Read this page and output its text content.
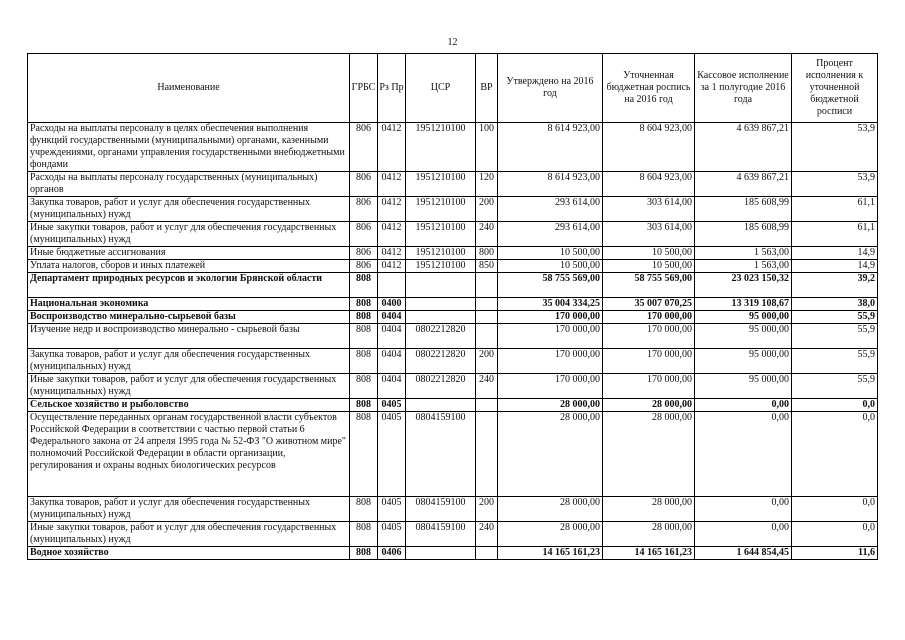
12
Наименование	ГРБС	Рз Пр	ЦСР	ВР	Утверждено на 2016 год	Уточненная бюджетная роспись на 2016 год	Кассовое исполнение за 1 полугодие 2016 года	Процент исполнения к уточненной бюджетной росписи
Расходы на выплаты персоналу в целях обеспечения выполнения функций государственными (муниципальными) органами, казенными учреждениями, органами управления государственными внебюджетными фондами	806	0412	1951210100	100	8 614 923,00	8 604 923,00	4 639 867,21	53,9
Расходы на выплаты персоналу государственных (муниципальных) органов	806	0412	1951210100	120	8 614 923,00	8 604 923,00	4 639 867,21	53,9
Закупка товаров, работ и услуг для обеспечения государственных (муниципальных) нужд	806	0412	1951210100	200	293 614,00	303 614,00	185 608,99	61,1
Иные закупки товаров, работ и услуг для обеспечения государственных (муниципальных) нужд	806	0412	1951210100	240	293 614,00	303 614,00	185 608,99	61,1
Иные бюджетные ассигнования	806	0412	1951210100	800	10 500,00	10 500,00	1 563,00	14,9
Уплата налогов, сборов и иных платежей	806	0412	1951210100	850	10 500,00	10 500,00	1 563,00	14,9
Департамент природных ресурсов и экологии Брянской области	808				58 755 569,00	58 755 569,00	23 023 150,32	39,2
Национальная экономика	808	0400			35 004 334,25	35 007 070,25	13 319 108,67	38,0
Воспроизводство минерально-сырьевой базы	808	0404			170 000,00	170 000,00	95 000,00	55,9
Изучение недр и воспроизводство минерально - сырьевой базы	808	0404	0802212820		170 000,00	170 000,00	95 000,00	55,9
Закупка товаров, работ и услуг для обеспечения государственных (муниципальных) нужд	808	0404	0802212820	200	170 000,00	170 000,00	95 000,00	55,9
Иные закупки товаров, работ и услуг для обеспечения государственных (муниципальных) нужд	808	0404	0802212820	240	170 000,00	170 000,00	95 000,00	55,9
Сельское хозяйство и рыболовство	808	0405			28 000,00	28 000,00	0,00	0,0
Осуществление переданных органам государственной власти субъектов Российской Федерации в соответствии с частью первой статьи 6 Федерального закона от 24 апреля 1995 года № 52-ФЗ "О животном мире" полномочий Российской Федерации в области организации, регулирования и охраны водных биологических ресурсов	808	0405	0804159100		28 000,00	28 000,00	0,00	0,0
Закупка товаров, работ и услуг для обеспечения государственных (муниципальных) нужд	808	0405	0804159100	200	28 000,00	28 000,00	0,00	0,0
Иные закупки товаров, работ и услуг для обеспечения государственных (муниципальных) нужд	808	0405	0804159100	240	28 000,00	28 000,00	0,00	0,0
Водное хозяйство	808	0406			14 165 161,23	14 165 161,23	1 644 854,45	11,6
